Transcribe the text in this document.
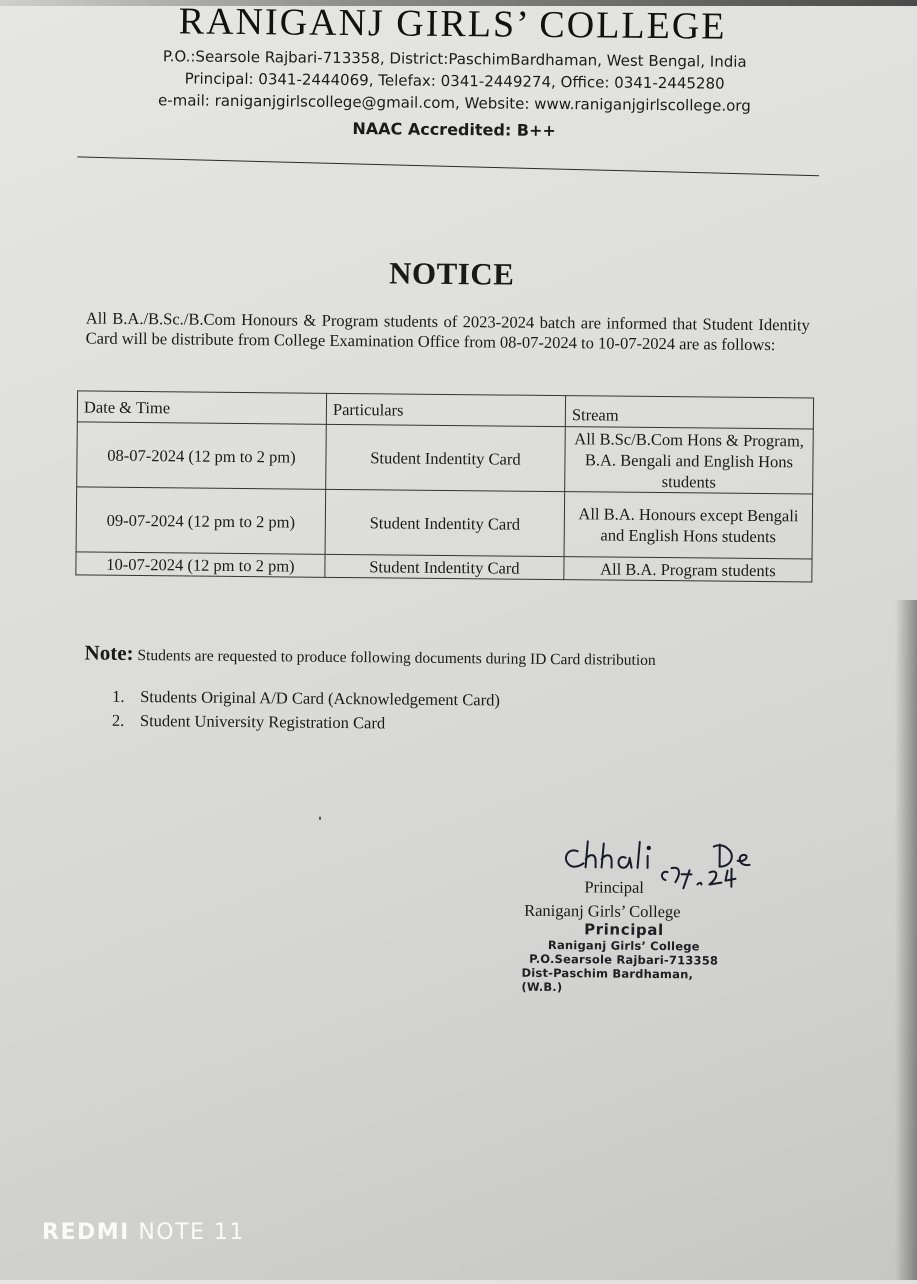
RANIGANJ GIRLS’ COLLEGE
P.O.:Searsole Rajbari-713358, District:PaschimBardhaman, West Bengal, India
Principal: 0341-2444069, Telefax: 0341-2449274, Office: 0341-2445280
e-mail: raniganjgirlscollege@gmail.com, Website: www.raniganjgirlscollege.org
NAAC Accredited: B++
NOTICE
All B.A./B.Sc./B.Com Honours & Program students of 2023-2024 batch are informed that Student Identity Card will be distribute from College Examination Office from 08-07-2024 to 10-07-2024 are as follows:
Date & Time	Particulars	Stream
08-07-2024 (12 pm to 2 pm)	Student Indentity Card	All B.Sc/B.Com Hons & Program, B.A. Bengali and English Hons students
09-07-2024 (12 pm to 2 pm)	Student Indentity Card	All B.A. Honours except Bengali and English Hons students
10-07-2024 (12 pm to 2 pm)	Student Indentity Card	All B.A. Program students
Note: Students are requested to produce following documents during ID Card distribution
1. Students Original A/D Card (Acknowledgement Card)
2. Student University Registration Card
Principal
Raniganj Girls’ College
Principal
Raniganj Girls’ College
P.O.Searsole Rajbari-713358
Dist-Paschim Bardhaman,(W.B.)
REDMI NOTE 11
